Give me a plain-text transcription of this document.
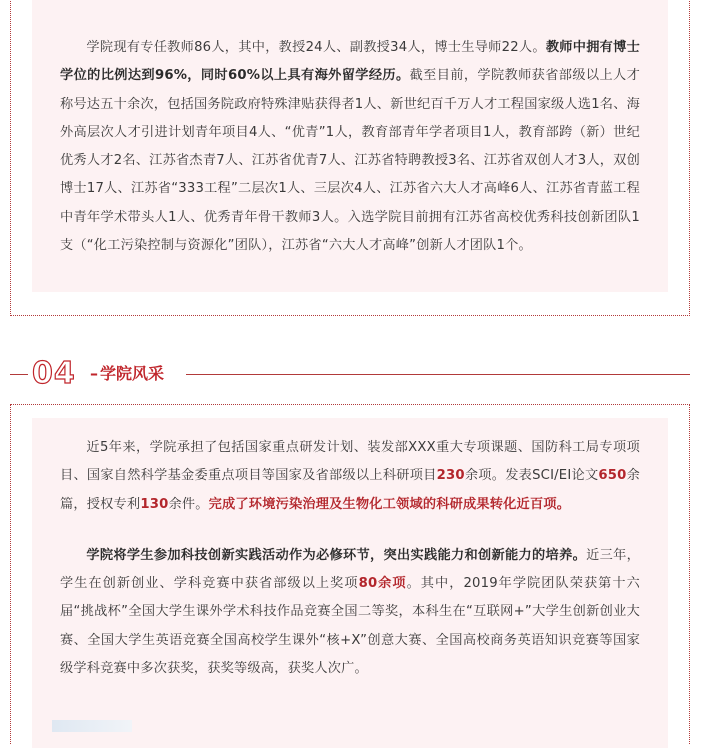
学院现有专任教师86人，其中，教授24人、副教授34人，博士生导师22人。教师中拥有博士学位的比例达到96%，同时60%以上具有海外留学经历。截至目前，学院教师获省部级以上人才称号达五十余次，包括国务院政府特殊津贴获得者1人、新世纪百千万人才工程国家级人选1名、海外高层次人才引进计划青年项目4人、“优青”1人，教育部青年学者项目1人，教育部跨（新）世纪优秀人才2名、江苏省杰青7人、江苏省优青7人、江苏省特聘教授3名、江苏省双创人才3人，双创博士17人、江苏省“333工程”二层次1人、三层次4人、江苏省六大人才高峰6人、江苏省青蓝工程中青年学术带头人1人、优秀青年骨干教师3人。入选学院目前拥有江苏省高校优秀科技创新团队1支（“化工污染控制与资源化”团队），江苏省“六大人才高峰”创新人才团队1个。

04 – 学院风采

近5年来，学院承担了包括国家重点研发计划、装发部XXX重大专项课题、国防科工局专项项目、国家自然科学基金委重点项目等国家及省部级以上科研项目230余项。发表SCI/EI论文650余篇，授权专利130余件。完成了环境污染治理及生物化工领域的科研成果转化近百项。

学院将学生参加科技创新实践活动作为必修环节，突出实践能力和创新能力的培养。近三年，学生在创新创业、学科竞赛中获省部级以上奖项80余项。其中，2019年学院团队荣获第十六届“挑战杯”全国大学生课外学术科技作品竞赛全国二等奖，本科生在“互联网+”大学生创新创业大赛、全国大学生英语竞赛全国高校学生课外“核+X”创意大赛、全国高校商务英语知识竞赛等国家级学科竞赛中多次获奖，获奖等级高，获奖人次广。
